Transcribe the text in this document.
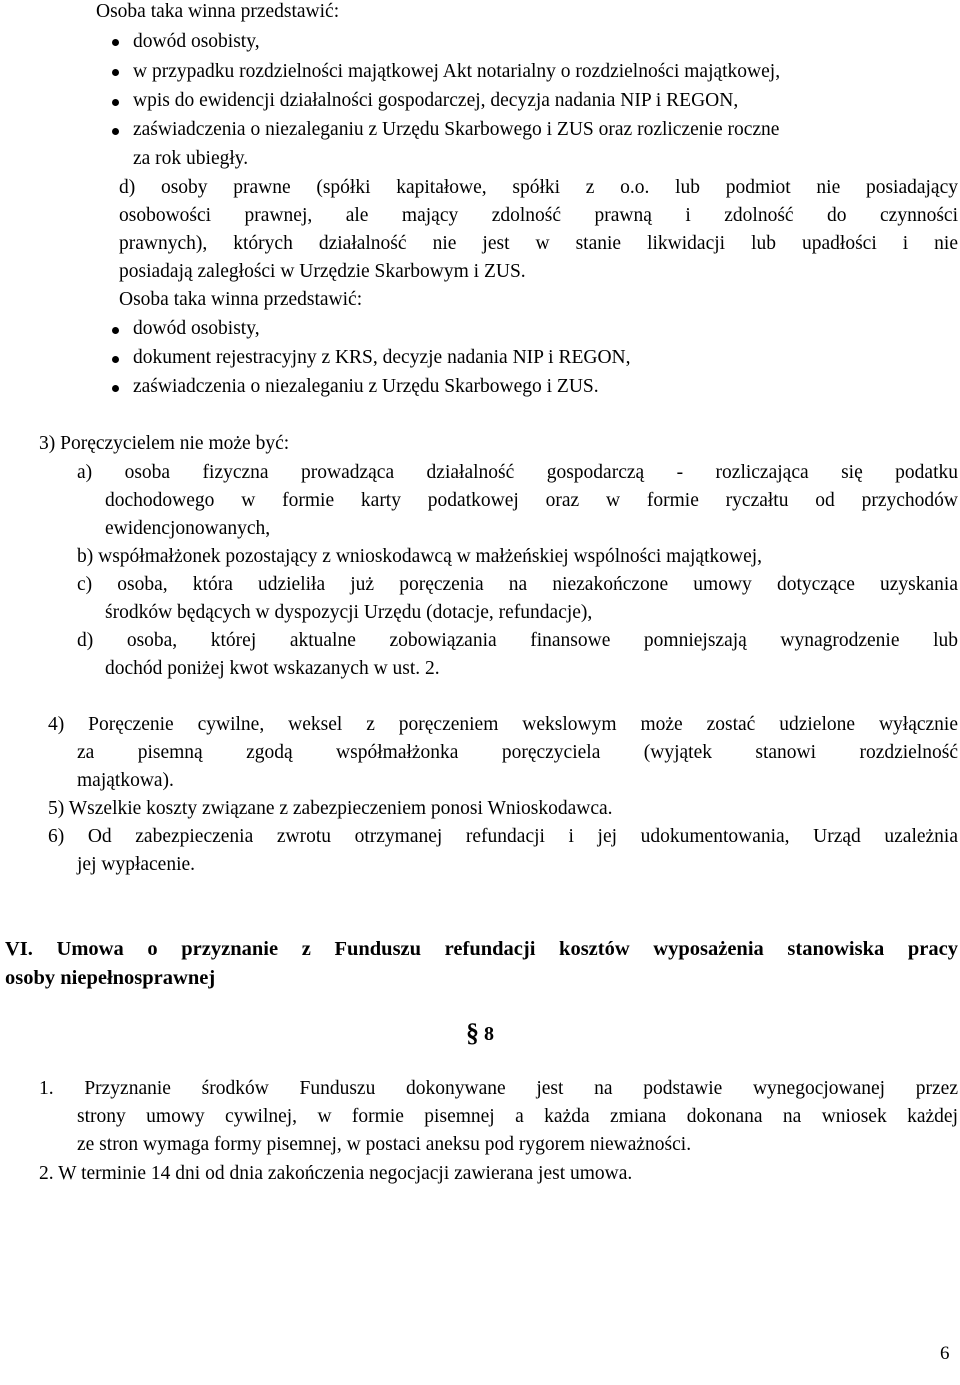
Osoba taka winna przedstawić:
dowód osobisty,
w przypadku rozdzielności majątkowej Akt notarialny o rozdzielności majątkowej,
wpis do ewidencji działalności gospodarczej, decyzja nadania NIP i REGON,
zaświadczenia o niezaleganiu z Urzędu Skarbowego i ZUS oraz rozliczenie roczne
za rok ubiegły.
d) osoby prawne (spółki kapitałowe, spółki z o.o. lub podmiot nie posiadający
osobowości prawnej, ale mający zdolność prawną i zdolność do czynności
prawnych), których działalność nie jest w stanie likwidacji lub upadłości i nie
posiadają zaległości w Urzędzie Skarbowym i ZUS.
Osoba taka winna przedstawić:
dowód osobisty,
dokument rejestracyjny z KRS, decyzje nadania NIP i REGON,
zaświadczenia o niezaleganiu z Urzędu Skarbowego i ZUS.
3) Poręczycielem nie może być:
a) osoba fizyczna prowadząca działalność gospodarczą - rozliczająca się podatku
dochodowego w formie karty podatkowej oraz w formie ryczałtu od przychodów
ewidencjonowanych,
b) współmałżonek pozostający z wnioskodawcą w małżeńskiej wspólności majątkowej,
c) osoba, która udzieliła już poręczenia na niezakończone umowy dotyczące uzyskania
środków będących w dyspozycji Urzędu (dotacje, refundacje),
d) osoba, której aktualne zobowiązania finansowe pomniejszają wynagrodzenie lub
dochód poniżej kwot wskazanych w ust. 2.
4) Poręczenie cywilne, weksel z poręczeniem wekslowym może zostać udzielone wyłącznie
za pisemną zgodą współmałżonka poręczyciela (wyjątek stanowi rozdzielność
majątkowa).
5) Wszelkie koszty związane z zabezpieczeniem ponosi Wnioskodawca.
6) Od zabezpieczenia zwrotu otrzymanej refundacji i jej udokumentowania, Urząd uzależnia
jej wypłacenie.
VI. Umowa o przyznanie z Funduszu refundacji kosztów wyposażenia stanowiska pracy
osoby niepełnosprawnej
§ 8
1. Przyznanie środków Funduszu dokonywane jest na podstawie wynegocjowanej przez
strony umowy cywilnej, w formie pisemnej a każda zmiana dokonana na wniosek każdej
ze stron wymaga formy pisemnej, w postaci aneksu pod rygorem nieważności.
2. W terminie 14 dni od dnia zakończenia negocjacji zawierana jest umowa.
6
